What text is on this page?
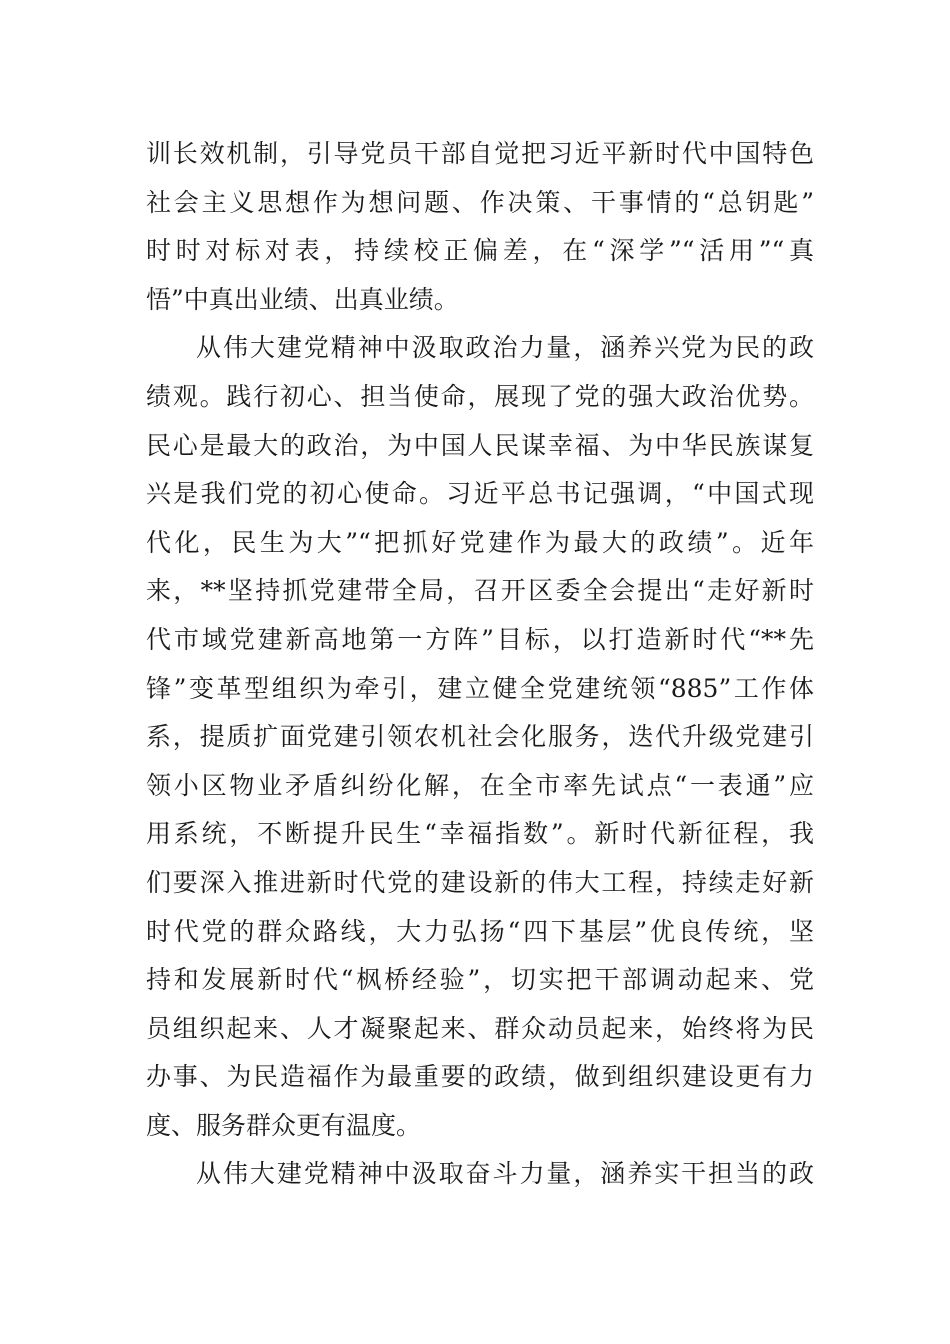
训长效机制，引导党员干部自觉把习近平新时代中国特色
社会主义思想作为想问题、作决策、干事情的“总钥匙”
时时对标对表，持续校正偏差，在“深学”“活用”“真
悟”中真出业绩、出真业绩。
从伟大建党精神中汲取政治力量，涵养兴党为民的政
绩观。践行初心、担当使命，展现了党的强大政治优势。
民心是最大的政治，为中国人民谋幸福、为中华民族谋复
兴是我们党的初心使命。习近平总书记强调，“中国式现
代化，民生为大”“把抓好党建作为最大的政绩”。近年
来，**坚持抓党建带全局，召开区委全会提出“走好新时
代市域党建新高地第一方阵”目标，以打造新时代“**先
锋”变革型组织为牵引，建立健全党建统领“885”工作体
系，提质扩面党建引领农机社会化服务，迭代升级党建引
领小区物业矛盾纠纷化解，在全市率先试点“一表通”应
用系统，不断提升民生“幸福指数”。新时代新征程，我
们要深入推进新时代党的建设新的伟大工程，持续走好新
时代党的群众路线，大力弘扬“四下基层”优良传统，坚
持和发展新时代“枫桥经验”，切实把干部调动起来、党
员组织起来、人才凝聚起来、群众动员起来，始终将为民
办事、为民造福作为最重要的政绩，做到组织建设更有力
度、服务群众更有温度。
从伟大建党精神中汲取奋斗力量，涵养实干担当的政
